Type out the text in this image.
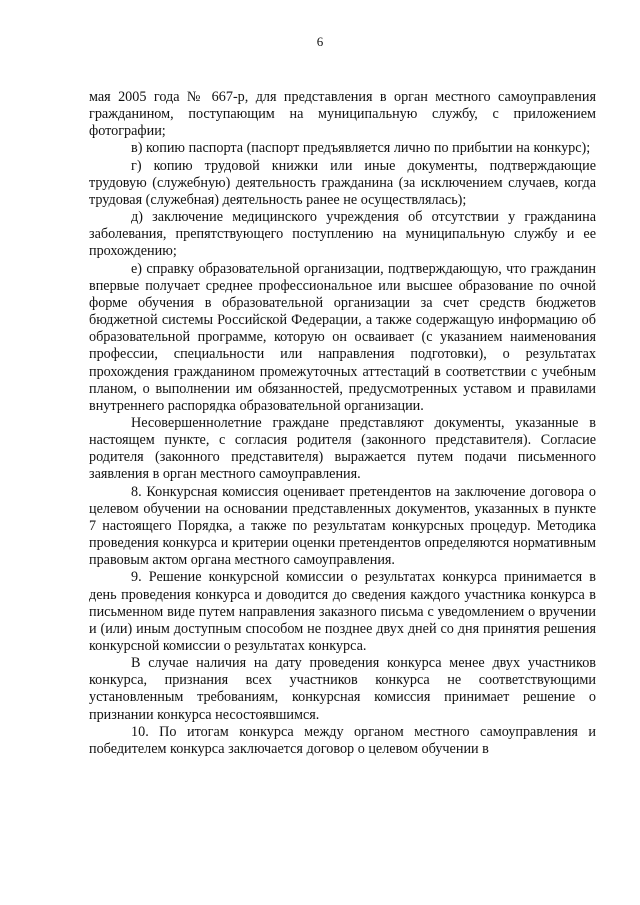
6

мая 2005 года № 667-р, для представления в орган местного самоуправления гражданином, поступающим на муниципальную службу, с приложением фотографии;

в) копию паспорта (паспорт предъявляется лично по прибытии на конкурс);

г) копию трудовой книжки или иные документы, подтверждающие трудовую (служебную) деятельность гражданина (за исключением случаев, когда трудовая (служебная) деятельность ранее не осуществлялась);

д) заключение медицинского учреждения об отсутствии у гражданина заболевания, препятствующего поступлению на муниципальную службу и ее прохождению;

е) справку образовательной организации, подтверждающую, что гражданин впервые получает среднее профессиональное или высшее образование по очной форме обучения в образовательной организации за счет средств бюджетов бюджетной системы Российской Федерации, а также содержащую информацию об образовательной программе, которую он осваивает (с указанием наименования профессии, специальности или направления подготовки), о результатах прохождения гражданином промежуточных аттестаций в соответствии с учебным планом, о выполнении им обязанностей, предусмотренных уставом и правилами внутреннего распорядка образовательной организации.

Несовершеннолетние граждане представляют документы, указанные в настоящем пункте, с согласия родителя (законного представителя). Согласие родителя (законного представителя) выражается путем подачи письменного заявления в орган местного самоуправления.

8. Конкурсная комиссия оценивает претендентов на заключение договора о целевом обучении на основании представленных документов, указанных в пункте 7 настоящего Порядка, а также по результатам конкурсных процедур. Методика проведения конкурса и критерии оценки претендентов определяются нормативным правовым актом органа местного самоуправления.

9. Решение конкурсной комиссии о результатах конкурса принимается в день проведения конкурса и доводится до сведения каждого участника конкурса в письменном виде путем направления заказного письма с уведомлением о вручении и (или) иным доступным способом не позднее двух дней со дня принятия решения конкурсной комиссии о результатах конкурса.

В случае наличия на дату проведения конкурса менее двух участников конкурса, признания всех участников конкурса не соответствующими установленным требованиям, конкурсная комиссия принимает решение о признании конкурса несостоявшимся.

10. По итогам конкурса между органом местного самоуправления и победителем конкурса заключается договор о целевом обучении в
